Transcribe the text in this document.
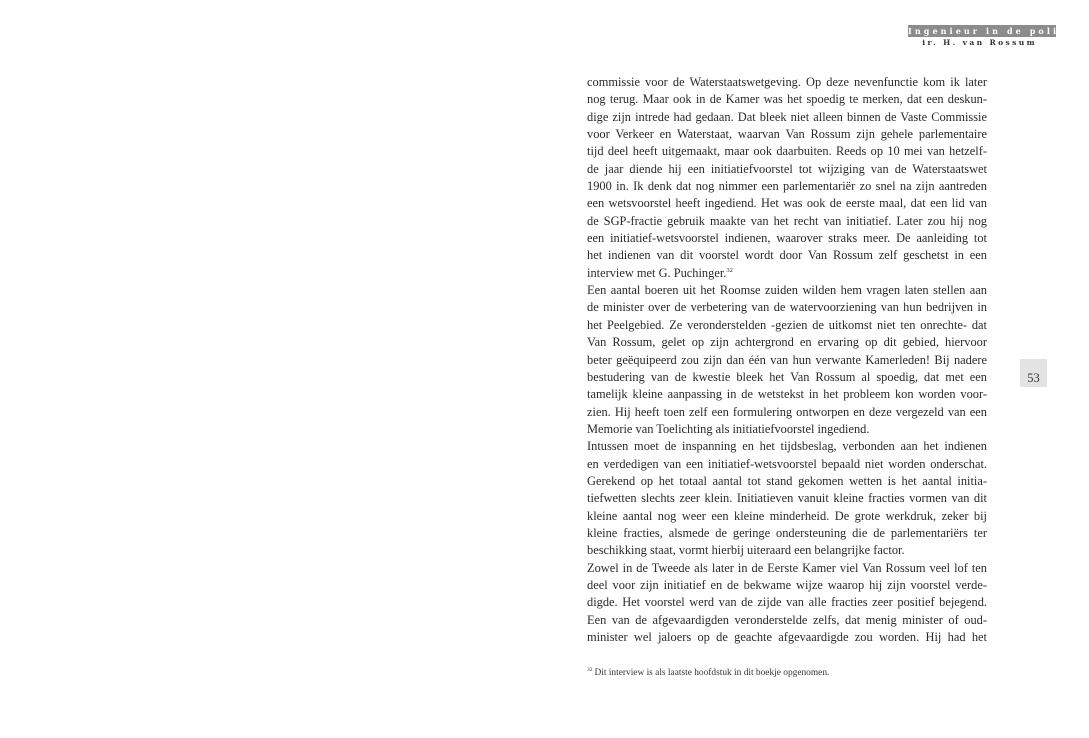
Ingenieur in de politiek
ir. H. van Rossum
commissie voor de Waterstaatswetgeving. Op deze nevenfunctie kom ik later
nog terug. Maar ook in de Kamer was het spoedig te merken, dat een deskun-
dige zijn intrede had gedaan. Dat bleek niet alleen binnen de Vaste Commissie
voor Verkeer en Waterstaat, waarvan Van Rossum zijn gehele parlementaire
tijd deel heeft uitgemaakt, maar ook daarbuiten. Reeds op 10 mei van hetzelf-
de jaar diende hij een initiatiefvoorstel tot wijziging van de Waterstaatswet
1900 in. Ik denk dat nog nimmer een parlementariër zo snel na zijn aantreden
een wetsvoorstel heeft ingediend. Het was ook de eerste maal, dat een lid van
de SGP-fractie gebruik maakte van het recht van initiatief. Later zou hij nog
een initiatief-wetsvoorstel indienen, waarover straks meer. De aanleiding tot
het indienen van dit voorstel wordt door Van Rossum zelf geschetst in een
interview met G. Puchinger.$^{32}$
Een aantal boeren uit het Roomse zuiden wilden hem vragen laten stellen aan
de minister over de verbetering van de watervoorziening van hun bedrijven in
het Peelgebied. Ze veronderstelden -gezien de uitkomst niet ten onrechte- dat
Van Rossum, gelet op zijn achtergrond en ervaring op dit gebied, hiervoor
beter geëquipeerd zou zijn dan één van hun verwante Kamerleden! Bij nadere
bestudering van de kwestie bleek het Van Rossum al spoedig, dat met een
tamelijk kleine aanpassing in de wetstekst in het probleem kon worden voor-
zien. Hij heeft toen zelf een formulering ontworpen en deze vergezeld van een
Memorie van Toelichting als initiatiefvoorstel ingediend.
Intussen moet de inspanning en het tijdsbeslag, verbonden aan het indienen
en verdedigen van een initiatief-wetsvoorstel bepaald niet worden onderschat.
Gerekend op het totaal aantal tot stand gekomen wetten is het aantal initia-
tiefwetten slechts zeer klein. Initiatieven vanuit kleine fracties vormen van dit
kleine aantal nog weer een kleine minderheid. De grote werkdruk, zeker bij
kleine fracties, alsmede de geringe ondersteuning die de parlementariërs ter
beschikking staat, vormt hierbij uiteraard een belangrijke factor.
Zowel in de Tweede als later in de Eerste Kamer viel Van Rossum veel lof ten
deel voor zijn initiatief en de bekwame wijze waarop hij zijn voorstel verde-
digde. Het voorstel werd van de zijde van alle fracties zeer positief bejegend.
Een van de afgevaardigden veronderstelde zelfs, dat menig minister of oud-
minister wel jaloers op de geachte afgevaardigde zou worden. Hij had het
53
$^{32}$ Dit interview is als laatste hoofdstuk in dit boekje opgenomen.
